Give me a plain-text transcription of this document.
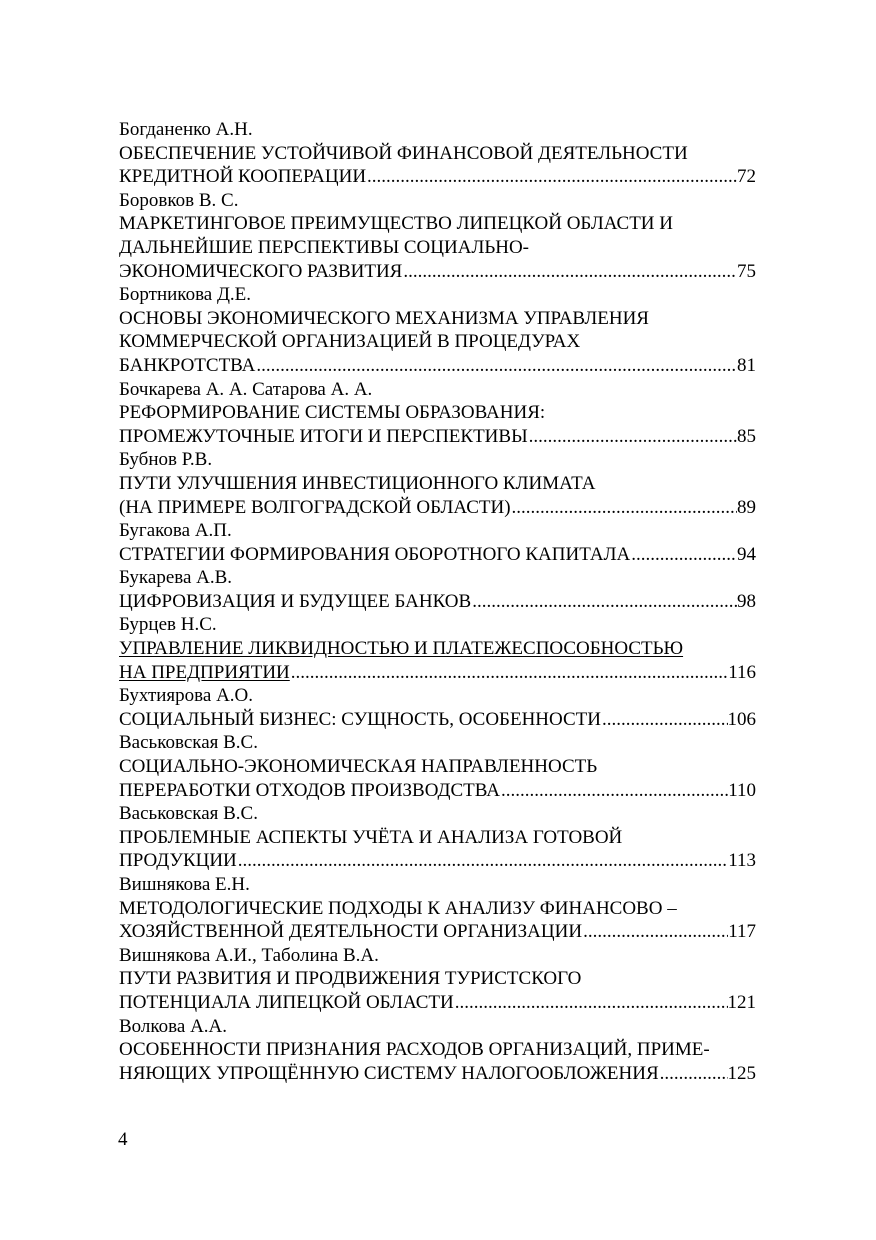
Богданенко А.Н.
ОБЕСПЕЧЕНИЕ УСТОЙЧИВОЙ ФИНАНСОВОЙ ДЕЯТЕЛЬНОСТИ
КРЕДИТНОЙ КООПЕРАЦИИ .....	72
Боровков В. С.
МАРКЕТИНГОВОЕ ПРЕИМУЩЕСТВО ЛИПЕЦКОЙ ОБЛАСТИ И
ДАЛЬНЕЙШИЕ ПЕРСПЕКТИВЫ СОЦИАЛЬНО-
ЭКОНОМИЧЕСКОГО РАЗВИТИЯ .....	75
Бортникова Д.Е.
ОСНОВЫ ЭКОНОМИЧЕСКОГО МЕХАНИЗМА УПРАВЛЕНИЯ
КОММЕРЧЕСКОЙ ОРГАНИЗАЦИЕЙ В ПРОЦЕДУРАХ
БАНКРОТСТВА .....	81
Бочкарева А. А. Сатарова А. А.
РЕФОРМИРОВАНИЕ СИСТЕМЫ ОБРАЗОВАНИЯ:
ПРОМЕЖУТОЧНЫЕ ИТОГИ И ПЕРСПЕКТИВЫ .....	85
Бубнов Р.В.
ПУТИ УЛУЧШЕНИЯ ИНВЕСТИЦИОННОГО КЛИМАТА
(НА ПРИМЕРЕ ВОЛГОГРАДСКОЙ ОБЛАСТИ) .....	89
Бугакова А.П.
СТРАТЕГИИ ФОРМИРОВАНИЯ ОБОРОТНОГО КАПИТАЛА .....	94
Букарева А.В.
ЦИФРОВИЗАЦИЯ И БУДУЩЕЕ БАНКОВ .....	98
Бурцев Н.С.
УПРАВЛЕНИЕ ЛИКВИДНОСТЬЮ И ПЛАТЕЖЕСПОСОБНОСТЬЮ
НА ПРЕДПРИЯТИИ .....	116
Бухтиярова А.О.
СОЦИАЛЬНЫЙ БИЗНЕС: СУЩНОСТЬ, ОСОБЕННОСТИ .....	106
Васьковская В.С.
СОЦИАЛЬНО-ЭКОНОМИЧЕСКАЯ НАПРАВЛЕННОСТЬ
ПЕРЕРАБОТКИ ОТХОДОВ ПРОИЗВОДСТВА .....	110
Васьковская В.С.
ПРОБЛЕМНЫЕ АСПЕКТЫ УЧЁТА И АНАЛИЗА ГОТОВОЙ
ПРОДУКЦИИ .....	113
Вишнякова Е.Н.
МЕТОДОЛОГИЧЕСКИЕ ПОДХОДЫ К АНАЛИЗУ ФИНАНСОВО –
ХОЗЯЙСТВЕННОЙ ДЕЯТЕЛЬНОСТИ ОРГАНИЗАЦИИ .....	117
Вишнякова А.И., Таболина В.А.
ПУТИ РАЗВИТИЯ И ПРОДВИЖЕНИЯ ТУРИСТСКОГО
ПОТЕНЦИАЛА ЛИПЕЦКОЙ ОБЛАСТИ .....	121
Волкова А.А.
ОСОБЕННОСТИ ПРИЗНАНИЯ РАСХОДОВ ОРГАНИЗАЦИЙ, ПРИМЕ-
НЯЮЩИХ УПРОЩЁННУЮ СИСТЕМУ НАЛОГООБЛОЖЕНИЯ .....	125
4
